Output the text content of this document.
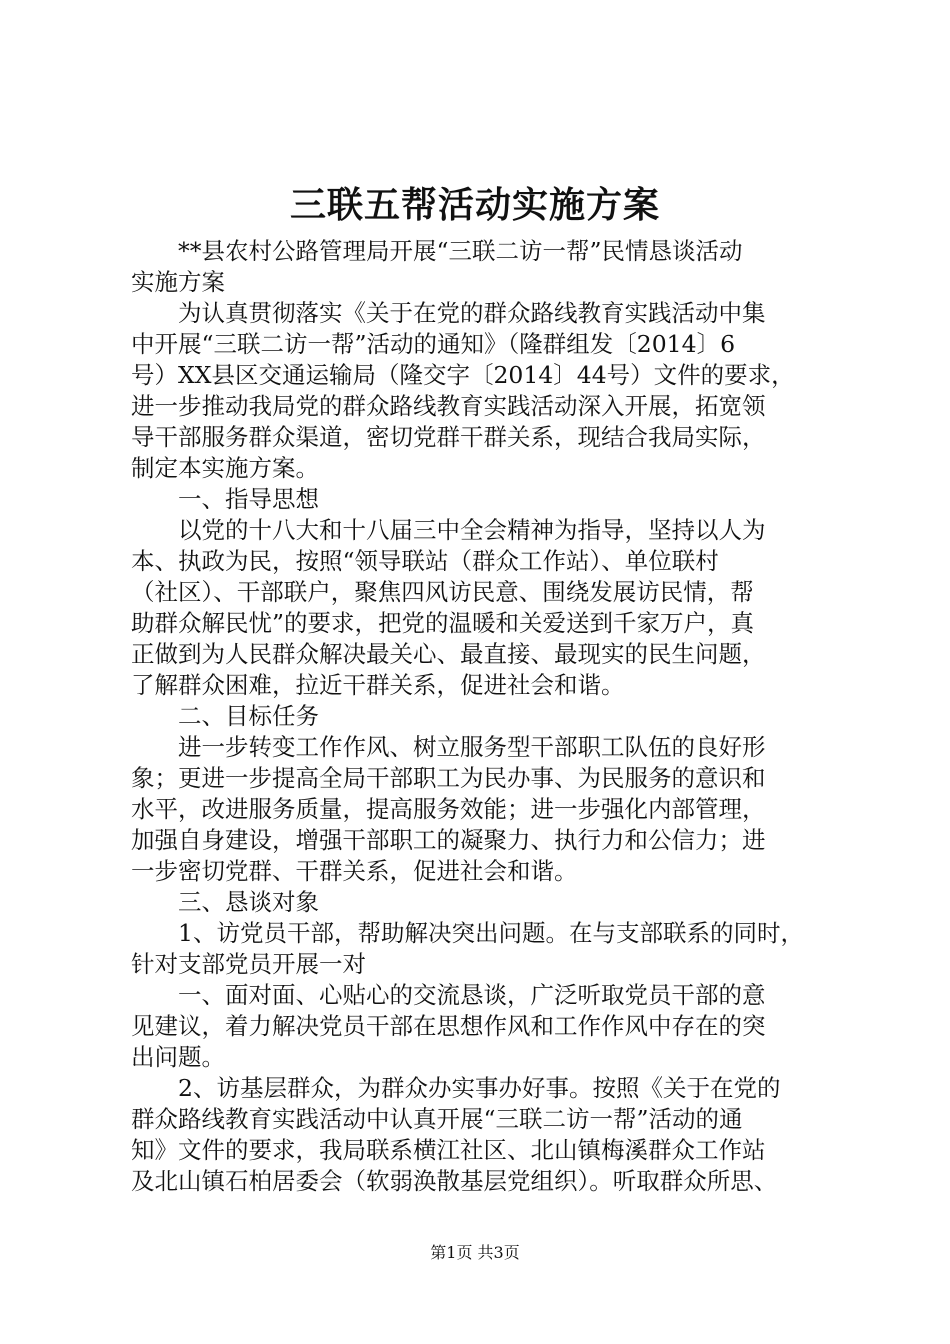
三联五帮活动实施方案
　　**县农村公路管理局开展“三联二访一帮”民情恳谈活动
实施方案
　　为认真贯彻落实《关于在党的群众路线教育实践活动中集
中开展“三联二访一帮”活动的通知》（隆群组发〔2014〕6
号）XX县区交通运输局（隆交字〔2014〕44号）文件的要求，
进一步推动我局党的群众路线教育实践活动深入开展，拓宽领
导干部服务群众渠道，密切党群干群关系，现结合我局实际，
制定本实施方案。
　　一、指导思想
　　以党的十八大和十八届三中全会精神为指导，坚持以人为
本、执政为民，按照“领导联站（群众工作站）、单位联村
（社区）、干部联户，聚焦四风访民意、围绕发展访民情，帮
助群众解民忧”的要求，把党的温暖和关爱送到千家万户，真
正做到为人民群众解决最关心、最直接、最现实的民生问题，
了解群众困难，拉近干群关系，促进社会和谐。
　　二、目标任务
　　进一步转变工作作风、树立服务型干部职工队伍的良好形
象；更进一步提高全局干部职工为民办事、为民服务的意识和
水平，改进服务质量，提高服务效能；进一步强化内部管理，
加强自身建设，增强干部职工的凝聚力、执行力和公信力；进
一步密切党群、干群关系，促进社会和谐。
　　三、恳谈对象
　　1、访党员干部，帮助解决突出问题。在与支部联系的同时，
针对支部党员开展一对
　　一、面对面、心贴心的交流恳谈，广泛听取党员干部的意
见建议，着力解决党员干部在思想作风和工作作风中存在的突
出问题。
　　2、访基层群众，为群众办实事办好事。按照《关于在党的
群众路线教育实践活动中认真开展“三联二访一帮”活动的通
知》文件的要求，我局联系横江社区、北山镇梅溪群众工作站
及北山镇石柏居委会（软弱涣散基层党组织）。听取群众所思、
第1页 共3页
